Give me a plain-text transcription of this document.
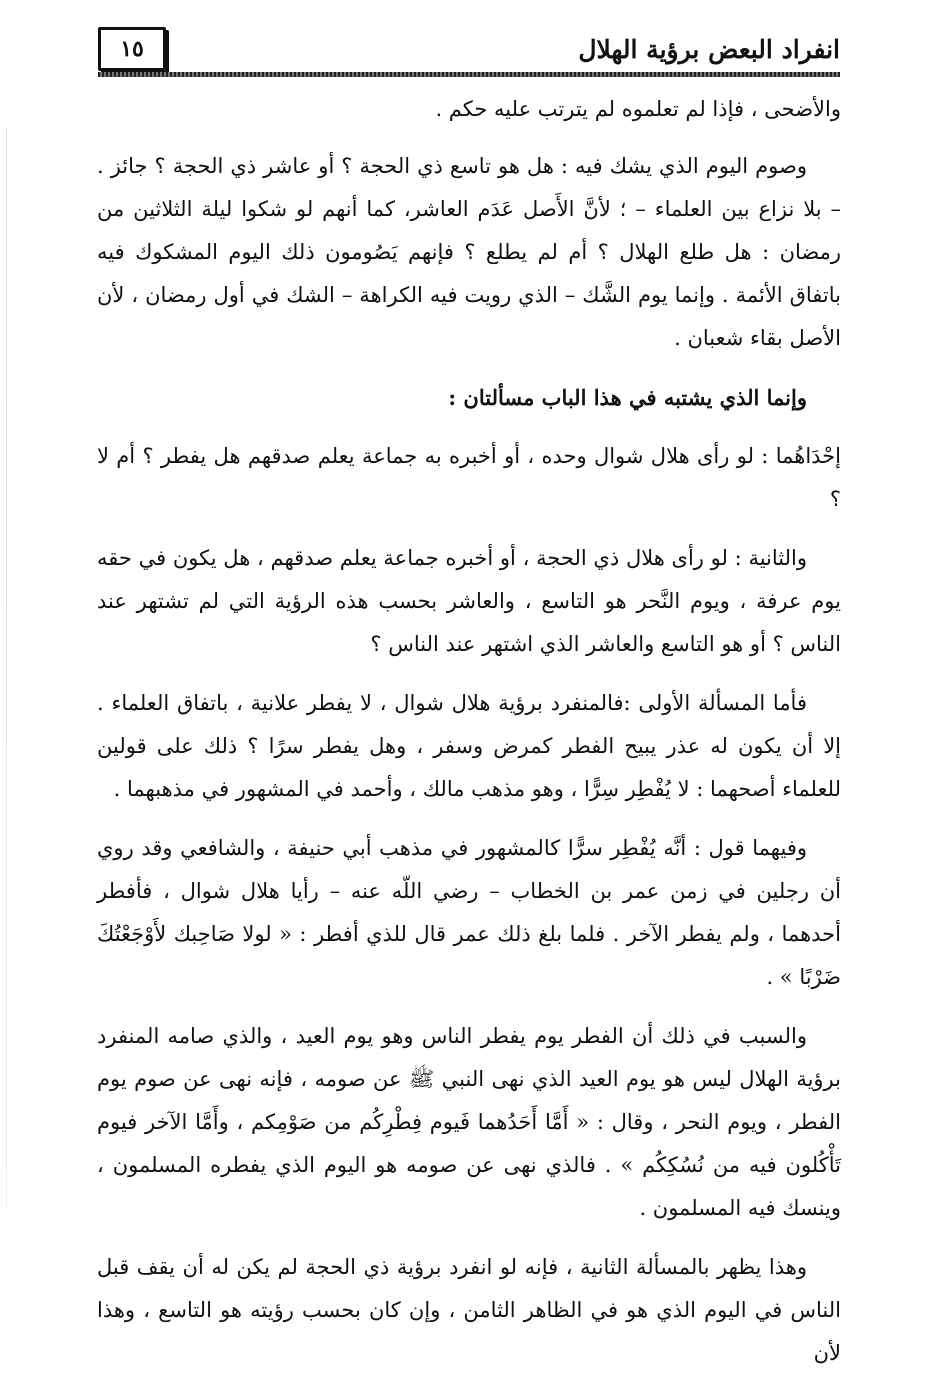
انفراد البعض برؤية الهلال
١٥

والأضحى ، فإذا لم تعلموه لم يترتب عليه حكم .

وصوم اليوم الذي يشك فيه : هل هو تاسع ذي الحجة ؟ أو عاشر ذي الحجة ؟ جائز . – بلا نزاع بين العلماء – ؛ لأنَّ الأَصل عَدَم العاشر، كما أنهم لو شكوا ليلة الثلاثين من رمضان : هل طلع الهلال ؟ أم لم يطلع ؟ فإنهم يَصُومون ذلك اليوم المشكوك فيه باتفاق الأئمة . وإنما يوم الشَّك – الذي رويت فيه الكراهة – الشك في أول رمضان ، لأن الأصل بقاء شعبان .

وإنما الذي يشتبه في هذا الباب مسألتان :

إحْدَاهُما : لو رأى هلال شوال وحده ، أو أخبره به جماعة يعلم صدقهم هل يفطر ؟ أم لا ؟

والثانية : لو رأى هلال ذي الحجة ، أو أخبره جماعة يعلم صدقهم ، هل يكون في حقه يوم عرفة ، ويوم النَّحر هو التاسع ، والعاشر بحسب هذه الرؤية التي لم تشتهر عند الناس ؟ أو هو التاسع والعاشر الذي اشتهر عند الناس ؟

فأما المسألة الأولى :فالمنفرد برؤية هلال شوال ، لا يفطر علانية ، باتفاق العلماء . إلا أن يكون له عذر يبيح الفطر كمرض وسفر ، وهل يفطر سرًا ؟ ذلك على قولين للعلماء أصحهما : لا يُفْطِر سِرًّا ، وهو مذهب مالك ، وأحمد في المشهور في مذهبهما .

وفيهما قول : أنَّه يُفْطِر سرًّا كالمشهور في مذهب أبي حنيفة ، والشافعي وقد روي أن رجلين في زمن عمر بن الخطاب – رضي اللّه عنه – رأيا هلال شوال ، فأفطر أحدهما ، ولم يفطر الآخر . فلما بلغ ذلك عمر قال للذي أفطر : « لولا صَاحِبك لأَوْجَعْتُكَ ضَرْبًا » .

والسبب في ذلك أن الفطر يوم يفطر الناس وهو يوم العيد ، والذي صامه المنفرد برؤية الهلال ليس هو يوم العيد الذي نهى النبي ﷺ عن صومه ، فإنه نهى عن صوم يوم الفطر ، ويوم النحر ، وقال : « أَمَّا أَحَدُهما فَيوم فِطْرِكُم من صَوْمِكم ، وأَمَّا الآخر فيوم تَأْكُلون فيه من نُسُكِكُم » . فالذي نهى عن صومه هو اليوم الذي يفطره المسلمون ، وينسك فيه المسلمون .

وهذا يظهر بالمسألة الثانية ، فإنه لو انفرد برؤية ذي الحجة لم يكن له أن يقف قبل الناس في اليوم الذي هو في الظاهر الثامن ، وإن كان بحسب رؤيته هو التاسع ، وهذا لأن
